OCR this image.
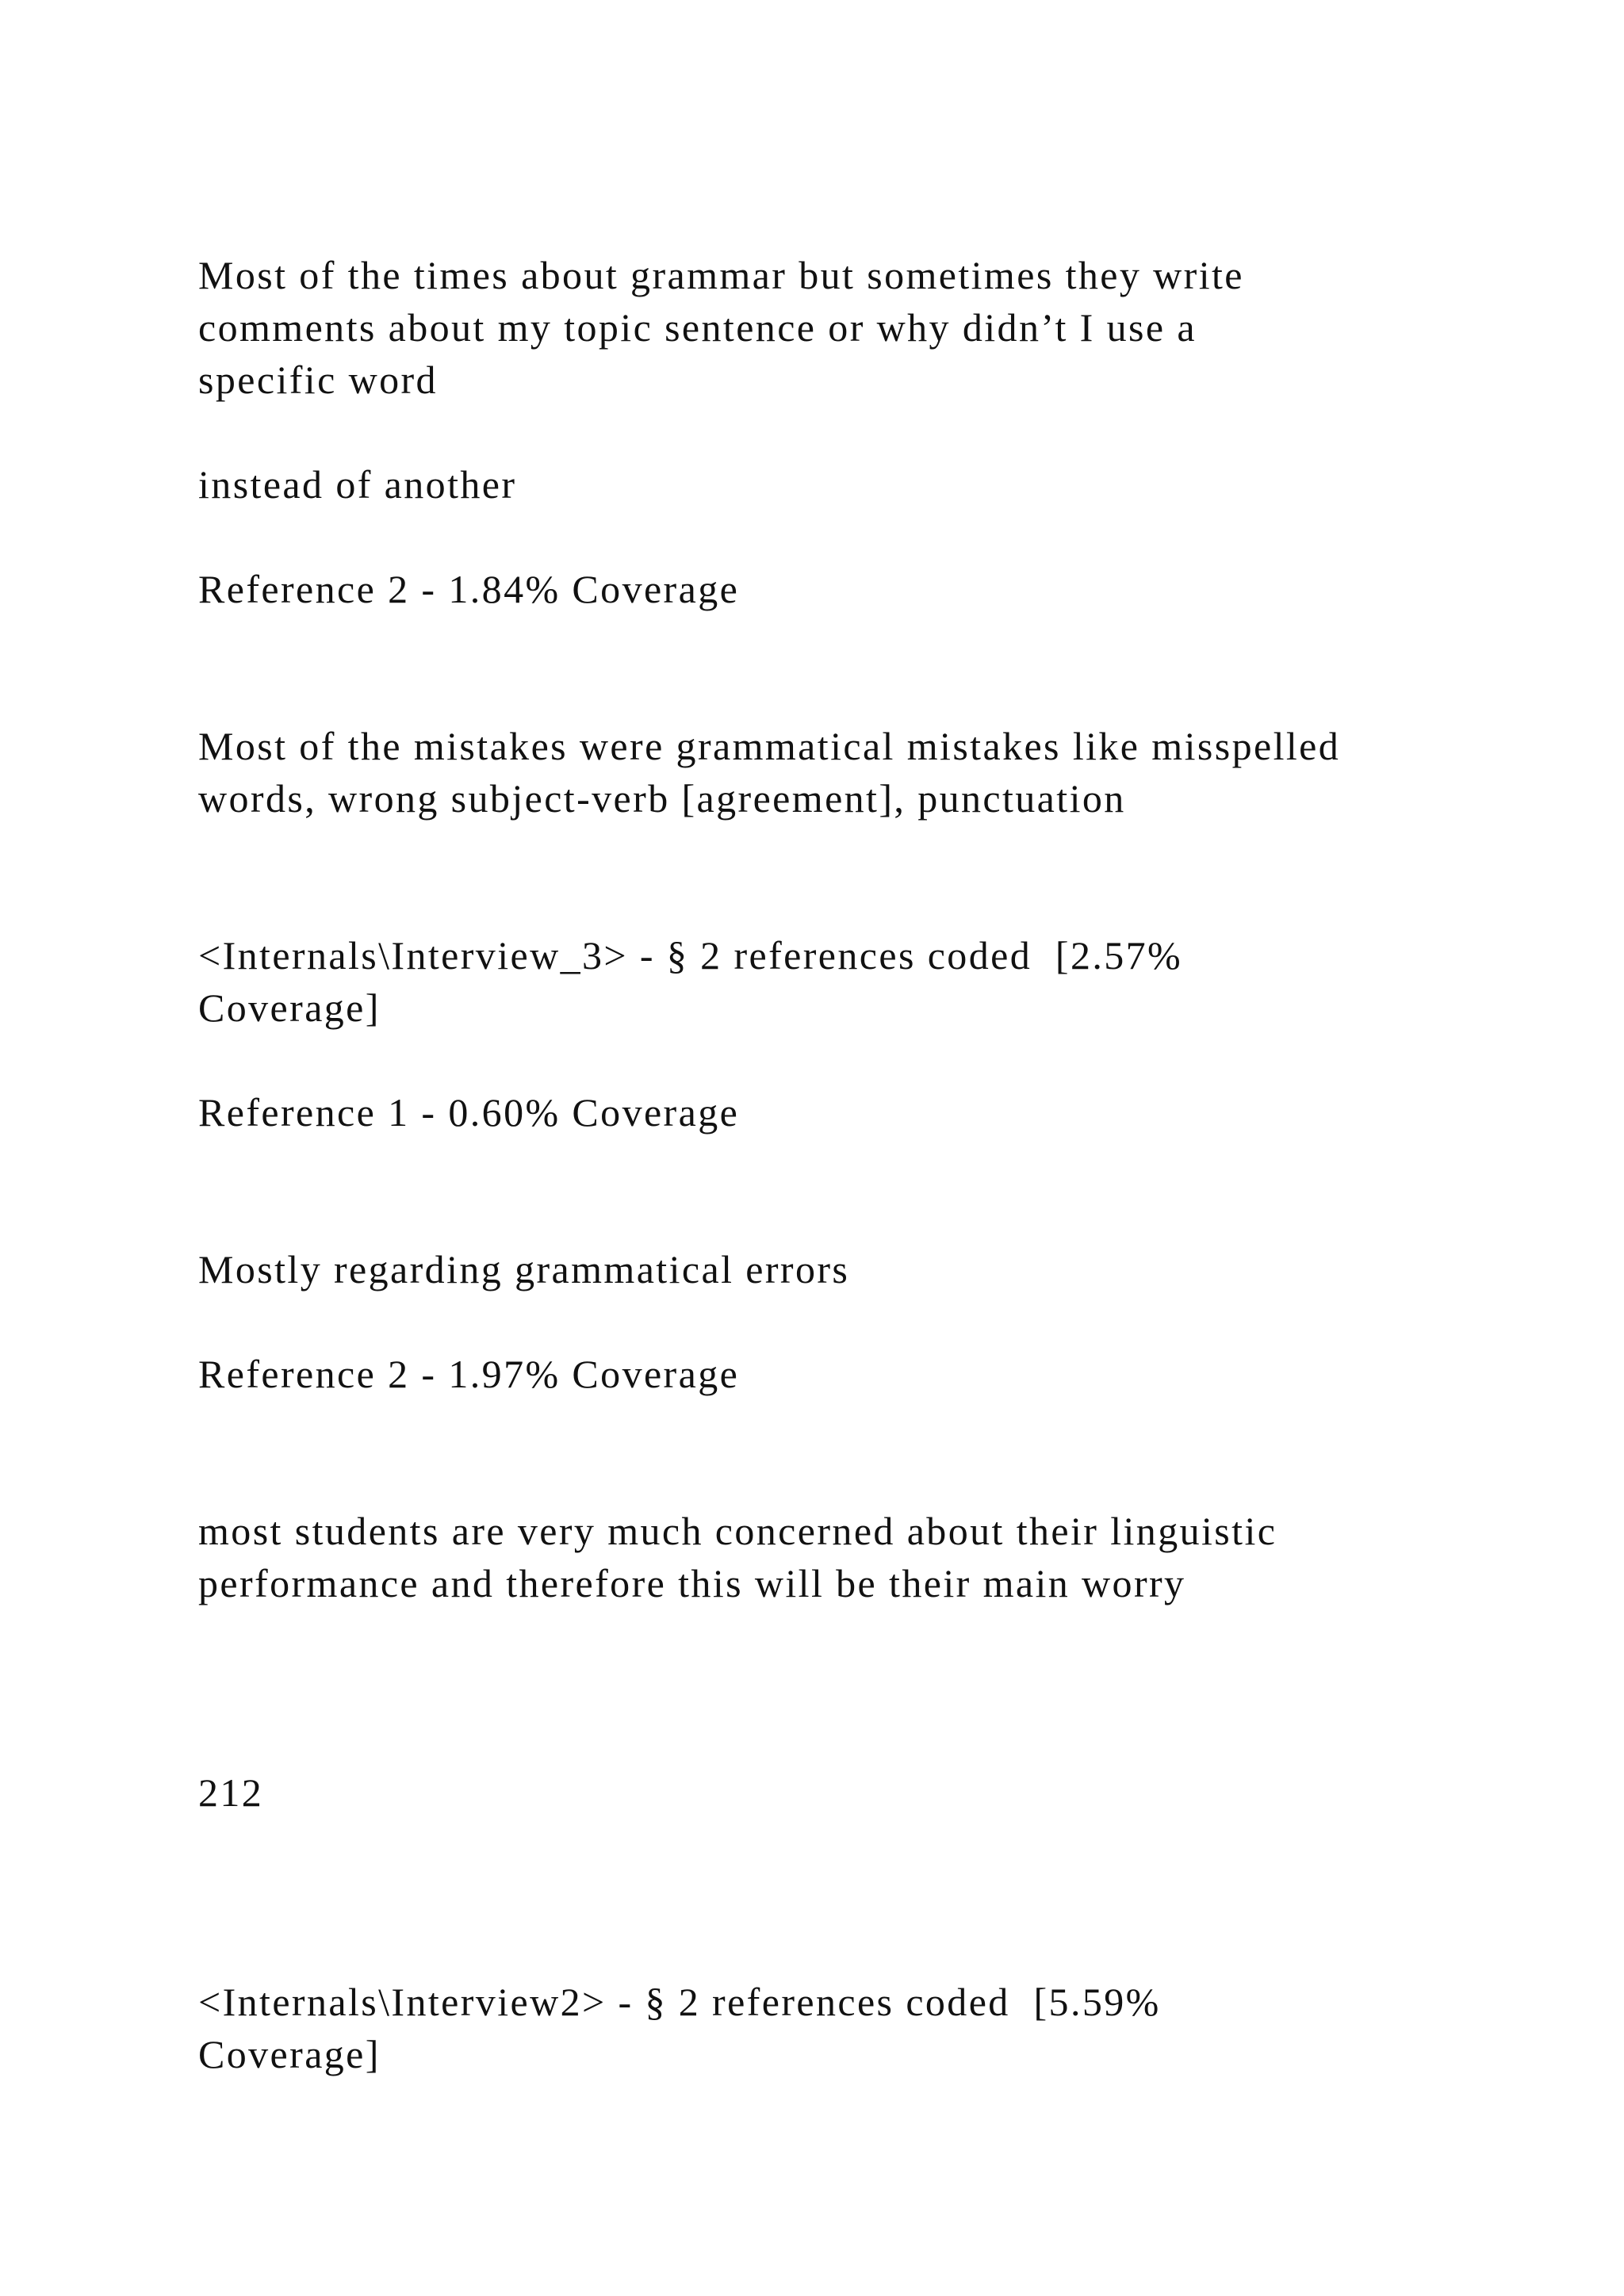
Most of the times about grammar but sometimes they write

comments about my topic sentence or why didn’t I use a

specific word

instead of another

Reference 2 - 1.84% Coverage

Most of the mistakes were grammatical mistakes like misspelled

words, wrong subject-verb [agreement], punctuation

<Internals\Interview_3> - § 2 references coded  [2.57%

Coverage]

Reference 1 - 0.60% Coverage

Mostly regarding grammatical errors

Reference 2 - 1.97% Coverage

most students are very much concerned about their linguistic

performance and therefore this will be their main worry

212

<Internals\Interview2> - § 2 references coded  [5.59%

Coverage]
